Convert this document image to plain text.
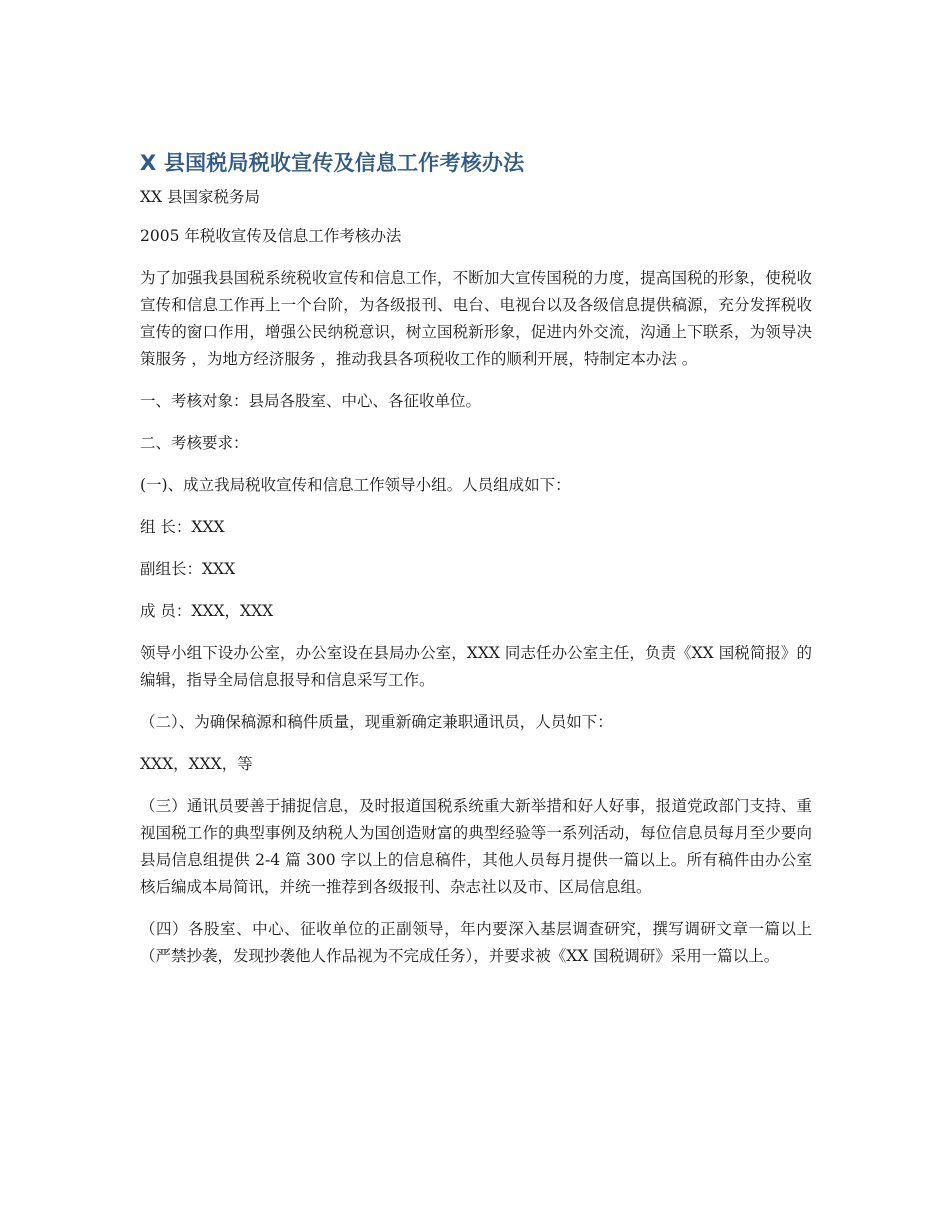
X 县国税局税收宣传及信息工作考核办法

XX 县国家税务局

2005 年税收宣传及信息工作考核办法

为了加强我县国税系统税收宣传和信息工作，不断加大宣传国税的力度，提高国税的形象，使税收宣传和信息工作再上一个台阶，为各级报刊、电台、电视台以及各级信息提供稿源，充分发挥税收宣传的窗口作用，增强公民纳税意识，树立国税新形象，促进内外交流，沟通上下联系，为领导决策服务 ，为地方经济服务 ，推动我县各项税收工作的顺利开展，特制定本办法 。

一、考核对象：县局各股室、中心、各征收单位。

二、考核要求：

(一)、成立我局税收宣传和信息工作领导小组。人员组成如下：

组 长：XXX

副组长：XXX

成 员：XXX，XXX

领导小组下设办公室，办公室设在县局办公室，XXX 同志任办公室主任，负责《XX 国税简报》的编辑，指导全局信息报导和信息采写工作。

（二）、为确保稿源和稿件质量，现重新确定兼职通讯员，人员如下：

XXX，XXX，等

（三）通讯员要善于捕捉信息，及时报道国税系统重大新举措和好人好事，报道党政部门支持、重视国税工作的典型事例及纳税人为国创造财富的典型经验等一系列活动，每位信息员每月至少要向县局信息组提供 2-4 篇 300 字以上的信息稿件，其他人员每月提供一篇以上。所有稿件由办公室核后编成本局简讯，并统一推荐到各级报刊、杂志社以及市、区局信息组。

（四）各股室、中心、征收单位的正副领导，年内要深入基层调查研究，撰写调研文章一篇以上（严禁抄袭，发现抄袭他人作品视为不完成任务），并要求被《XX 国税调研》采用一篇以上。
